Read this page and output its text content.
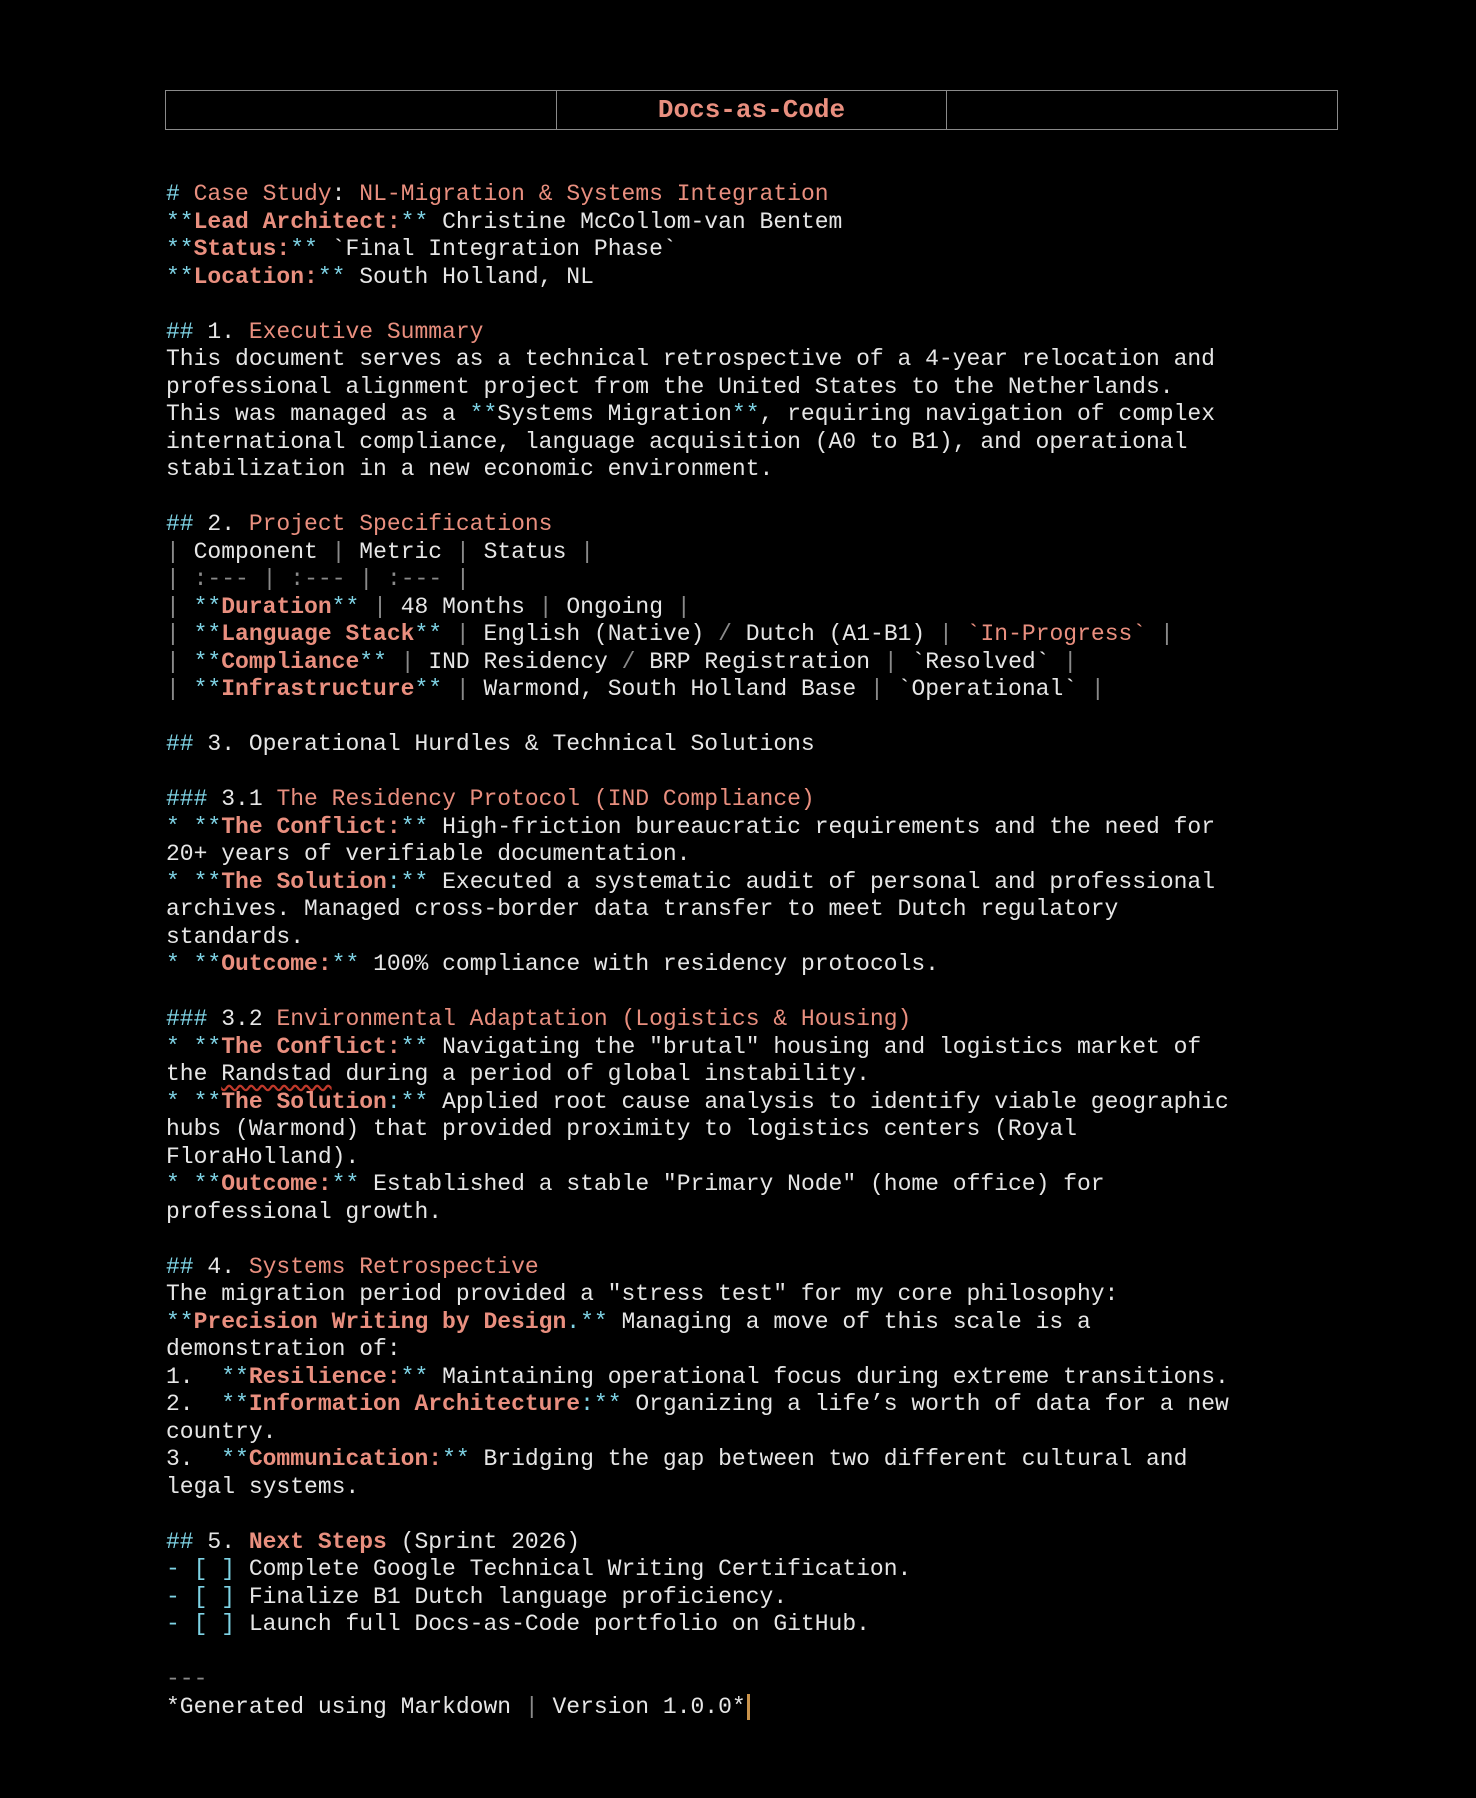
Docs-as-Code
# Case Study: NL-Migration & Systems Integration
**Lead Architect:** Christine McCollom-van Bentem
**Status:** `Final Integration Phase`
**Location:** South Holland, NL

## 1. Executive Summary
This document serves as a technical retrospective of a 4-year relocation and
professional alignment project from the United States to the Netherlands.
This was managed as a **Systems Migration**, requiring navigation of complex
international compliance, language acquisition (A0 to B1), and operational
stabilization in a new economic environment.

## 2. Project Specifications
| Component | Metric | Status |
| :--- | :--- | :--- |
| **Duration** | 48 Months | Ongoing |
| **Language Stack** | English (Native) / Dutch (A1-B1) | `In-Progress` |
| **Compliance** | IND Residency / BRP Registration | `Resolved` |
| **Infrastructure** | Warmond, South Holland Base | `Operational` |

## 3. Operational Hurdles & Technical Solutions

### 3.1 The Residency Protocol (IND Compliance)
* **The Conflict:** High-friction bureaucratic requirements and the need for
20+ years of verifiable documentation.
* **The Solution:** Executed a systematic audit of personal and professional
archives. Managed cross-border data transfer to meet Dutch regulatory
standards.
* **Outcome:** 100% compliance with residency protocols.

### 3.2 Environmental Adaptation (Logistics & Housing)
* **The Conflict:** Navigating the "brutal" housing and logistics market of
the Randstad during a period of global instability.
* **The Solution:** Applied root cause analysis to identify viable geographic
hubs (Warmond) that provided proximity to logistics centers (Royal
FloraHolland).
* **Outcome:** Established a stable "Primary Node" (home office) for
professional growth.

## 4. Systems Retrospective
The migration period provided a "stress test" for my core philosophy:
**Precision Writing by Design.** Managing a move of this scale is a
demonstration of:
1.  **Resilience:** Maintaining operational focus during extreme transitions.
2.  **Information Architecture:** Organizing a life’s worth of data for a new
country.
3.  **Communication:** Bridging the gap between two different cultural and
legal systems.

## 5. Next Steps (Sprint 2026)
- [ ] Complete Google Technical Writing Certification.
- [ ] Finalize B1 Dutch language proficiency.
- [ ] Launch full Docs-as-Code portfolio on GitHub.

---
*Generated using Markdown | Version 1.0.0*
